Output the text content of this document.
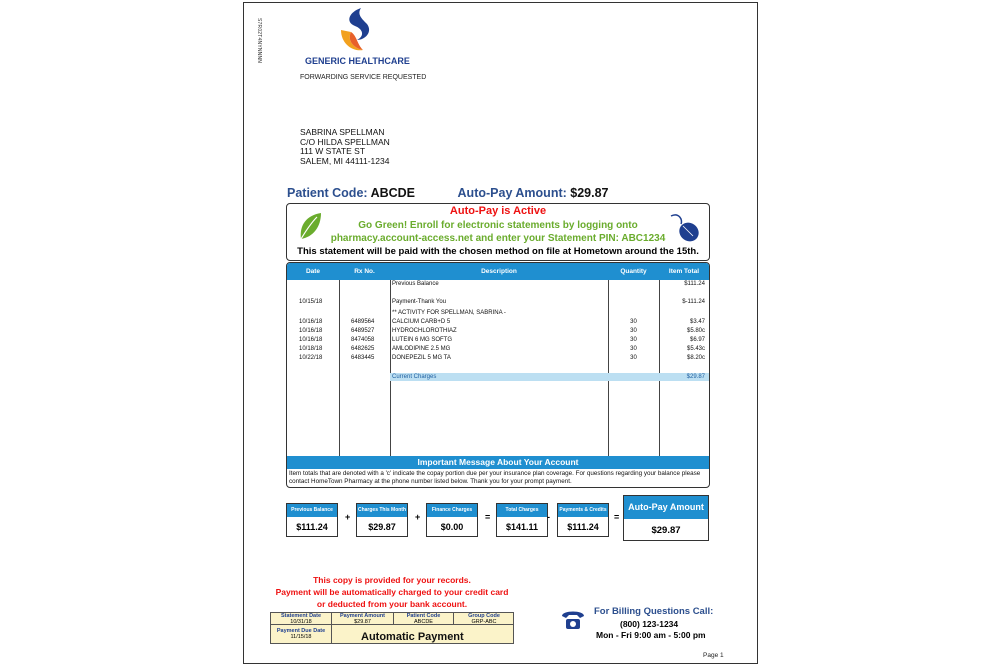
S7R02T4NYNNNN	GENERIC HEALTHCARE
FORWARDING SERVICE REQUESTED
SABRINA SPELLMAN
C/O HILDA SPELLMAN
111 W STATE ST
SALEM, MI 44111-1234
Patient Code: ABCDE	Auto-Pay Amount: $29.87
Auto-Pay is Active
Go Green! Enroll for electronic statements by logging onto
pharmacy.account-access.net and enter your Statement PIN: ABC1234
This statement will be paid with the chosen method on file at Hometown around the 15th.
Date	Rx No.	Description	Quantity	Item Total
Previous Balance	$111.24
10/15/18	Payment-Thank You	$-111.24
** ACTIVITY FOR SPELLMAN, SABRINA -
10/16/18	6489564	CALCIUM CARB+D 5	30	$3.47
10/16/18	6489527	HYDROCHLOROTHIAZ	30	$5.80c
10/16/18	8474058	LUTEIN 6 MG SOFTG	30	$6.97
10/18/18	6482625	AMLODIPINE 2.5 MG	30	$5.43c
10/22/18	6483445	DONEPEZIL 5 MG TA	30	$8.20c
Current Charges	$29.87
Important Message About Your Account
Item totals that are denoted with a 'c' indicate the copay portion due per your insurance plan coverage. For questions regarding your balance please contact HomeTown Pharmacy at the phone number listed below. Thank you for your prompt payment.
Previous Balance
$111.24
+
Charges This Month
$29.87
+
Finance Charges
$0.00
=
Total Charges
$141.11
-
Payments & Credits
$111.24
=
Auto-Pay Amount
$29.87
This copy is provided for your records.
Payment will be automatically charged to your credit card
or deducted from your bank account.
Statement Date
10/31/18
Payment Amount
$29.87
Patient Code
ABCDE
Group Code
GRP-ABC
Payment Due Date
11/15/18	Automatic Payment
For Billing Questions Call:
(800) 123-1234
Mon - Fri 9:00 am - 5:00 pm
Page 1
